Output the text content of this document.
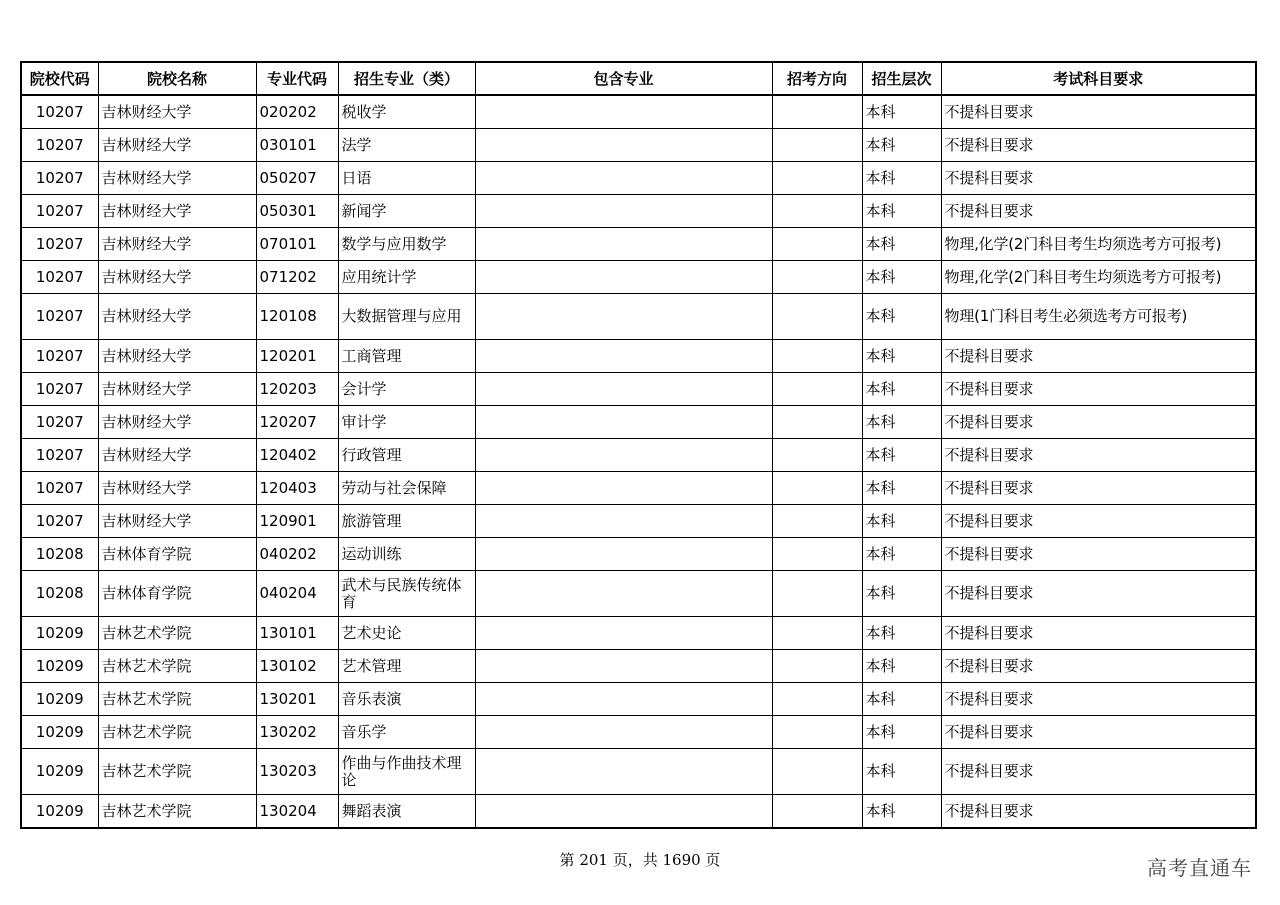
院校代码	院校名称	专业代码	招生专业（类）	包含专业	招考方向	招生层次	考试科目要求
10207	吉林财经大学	020202	税收学			本科	不提科目要求
10207	吉林财经大学	030101	法学			本科	不提科目要求
10207	吉林财经大学	050207	日语			本科	不提科目要求
10207	吉林财经大学	050301	新闻学			本科	不提科目要求
10207	吉林财经大学	070101	数学与应用数学			本科	物理,化学(2门科目考生均须选考方可报考)
10207	吉林财经大学	071202	应用统计学			本科	物理,化学(2门科目考生均须选考方可报考)
10207	吉林财经大学	120108	大数据管理与应用			本科	物理(1门科目考生必须选考方可报考)
10207	吉林财经大学	120201	工商管理			本科	不提科目要求
10207	吉林财经大学	120203	会计学			本科	不提科目要求
10207	吉林财经大学	120207	审计学			本科	不提科目要求
10207	吉林财经大学	120402	行政管理			本科	不提科目要求
10207	吉林财经大学	120403	劳动与社会保障			本科	不提科目要求
10207	吉林财经大学	120901	旅游管理			本科	不提科目要求
10208	吉林体育学院	040202	运动训练			本科	不提科目要求
10208	吉林体育学院	040204	武术与民族传统体育			本科	不提科目要求
10209	吉林艺术学院	130101	艺术史论			本科	不提科目要求
10209	吉林艺术学院	130102	艺术管理			本科	不提科目要求
10209	吉林艺术学院	130201	音乐表演			本科	不提科目要求
10209	吉林艺术学院	130202	音乐学			本科	不提科目要求
10209	吉林艺术学院	130203	作曲与作曲技术理论			本科	不提科目要求
10209	吉林艺术学院	130204	舞蹈表演			本科	不提科目要求
第 201 页，共 1690 页	高考直通车
